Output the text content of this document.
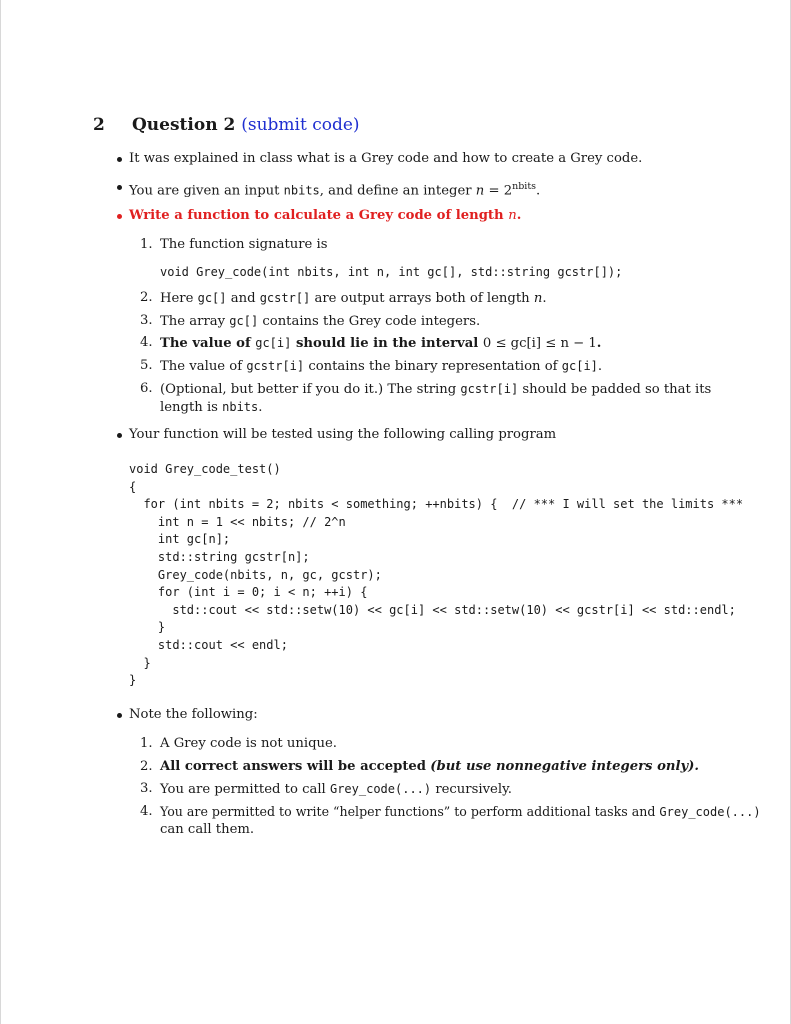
2 Question 2 (submit code)
It was explained in class what is a Grey code and how to create a Grey code.
You are given an input nbits, and define an integer $n = 2^{nbits}$.
Write a function to calculate a Grey code of length n.
1. The function signature is
void Grey_code(int nbits, int n, int gc[], std::string gcstr[]);
2. Here gc[] and gcstr[] are output arrays both of length n.
3. The array gc[] contains the Grey code integers.
4. The value of gc[i] should lie in the interval 0 ≤ gc[i] ≤ n − 1.
5. The value of gcstr[i] contains the binary representation of gc[i].
6. (Optional, but better if you do it.) The string gcstr[i] should be padded so that its
length is nbits.
Your function will be tested using the following calling program
void Grey_code_test()
{
for (int nbits = 2; nbits < something; ++nbits) {  // *** I will set the limits ***
int n = 1 << nbits; // 2^n
int gc[n];
std::string gcstr[n];
Grey_code(nbits, n, gc, gcstr);
for (int i = 0; i < n; ++i) {
std::cout << std::setw(10) << gc[i] << std::setw(10) << gcstr[i] << std::endl;
}
std::cout << endl;
}
}
Note the following:
1. A Grey code is not unique.
2. All correct answers will be accepted (but use nonnegative integers only).
3. You are permitted to call Grey_code(...) recursively.
4. You are permitted to write “helper functions” to perform additional tasks and Grey_code(...)
can call them.
